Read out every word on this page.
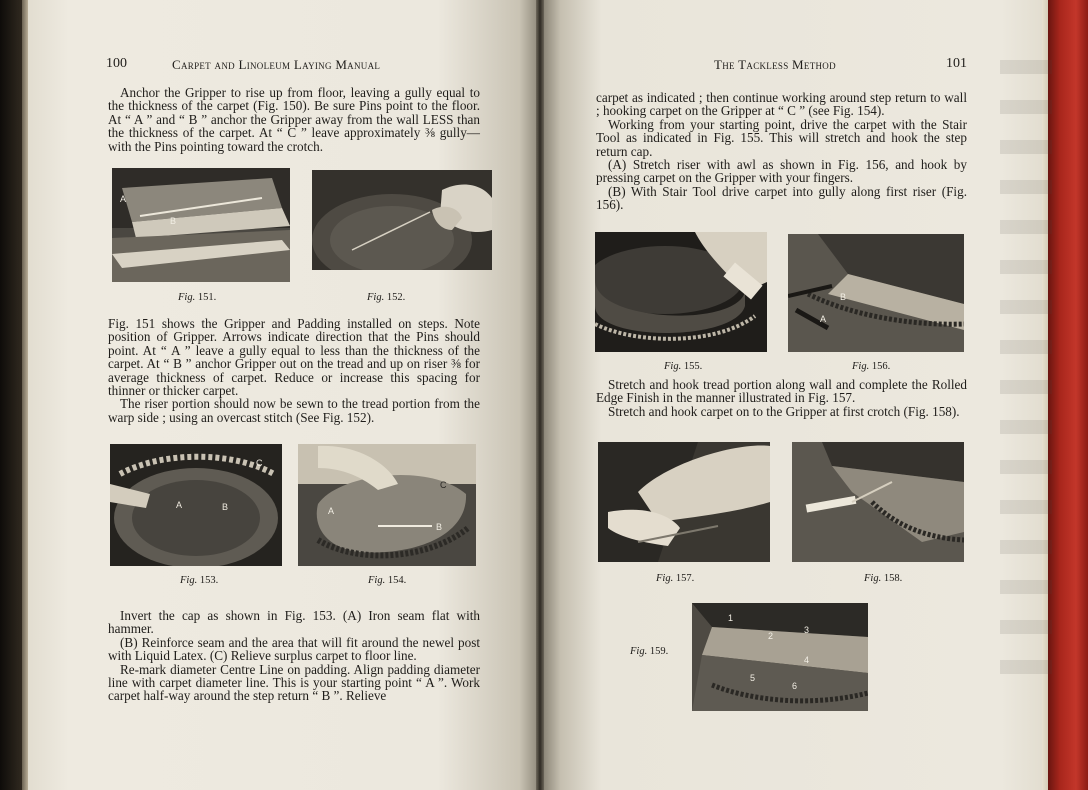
100	Carpet and Linoleum Laying Manual

Anchor the Gripper to rise up from floor, leaving a gully equal to the thickness of the carpet (Fig. 150). Be sure Pins point to the floor. At “ A ” and “ B ” anchor the Gripper away from the wall LESS than the thickness of the carpet. At “ C ” leave approximately ⅜ gully—with the Pins pointing toward the crotch.

B
A
Fig. 151.	Fig. 152.

Fig. 151 shows the Gripper and Padding installed on steps. Note position of Gripper. Arrows indicate direction that the Pins should point. At “ A ” leave a gully equal to less than the thickness of the carpet. At “ B ” anchor Gripper out on the tread and up on riser ⅜ for average thickness of carpet. Reduce or increase this spacing for thinner or thicker carpet.

The riser portion should now be sewn to the tread portion from the warp side ; using an overcast stitch (See Fig. 152).

A	B
C
A
B
C
Fig. 153.	Fig. 154.

Invert the cap as shown in Fig. 153. (A) Iron seam flat with hammer.

(B) Reinforce seam and the area that will fit around the newel post with Liquid Latex. (C) Relieve surplus carpet to floor line.

Re-mark diameter Centre Line on padding. Align padding diameter line with carpet diameter line. This is your starting point “ A ”. Work carpet half-way around the step return “ B ”. Relieve

The Tackless Method	101

carpet as indicated ; then continue working around step return to wall ; hooking carpet on the Gripper at “ C ” (see Fig. 154).

Working from your starting point, drive the carpet with the Stair Tool as indicated in Fig. 155. This will stretch and hook the step return cap.

(A) Stretch riser with awl as shown in Fig. 156, and hook by pressing carpet on the Gripper with your fingers.

(B) With Stair Tool drive carpet into gully along first riser (Fig. 156).

B
A
Fig. 155.	Fig. 156.

Stretch and hook tread portion along wall and complete the Rolled Edge Finish in the manner illustrated in Fig. 157.

Stretch and hook carpet on to the Gripper at first crotch (Fig. 158).

Fig. 157.	Fig. 158.
1
2
3
4
5
6
Fig. 159.
